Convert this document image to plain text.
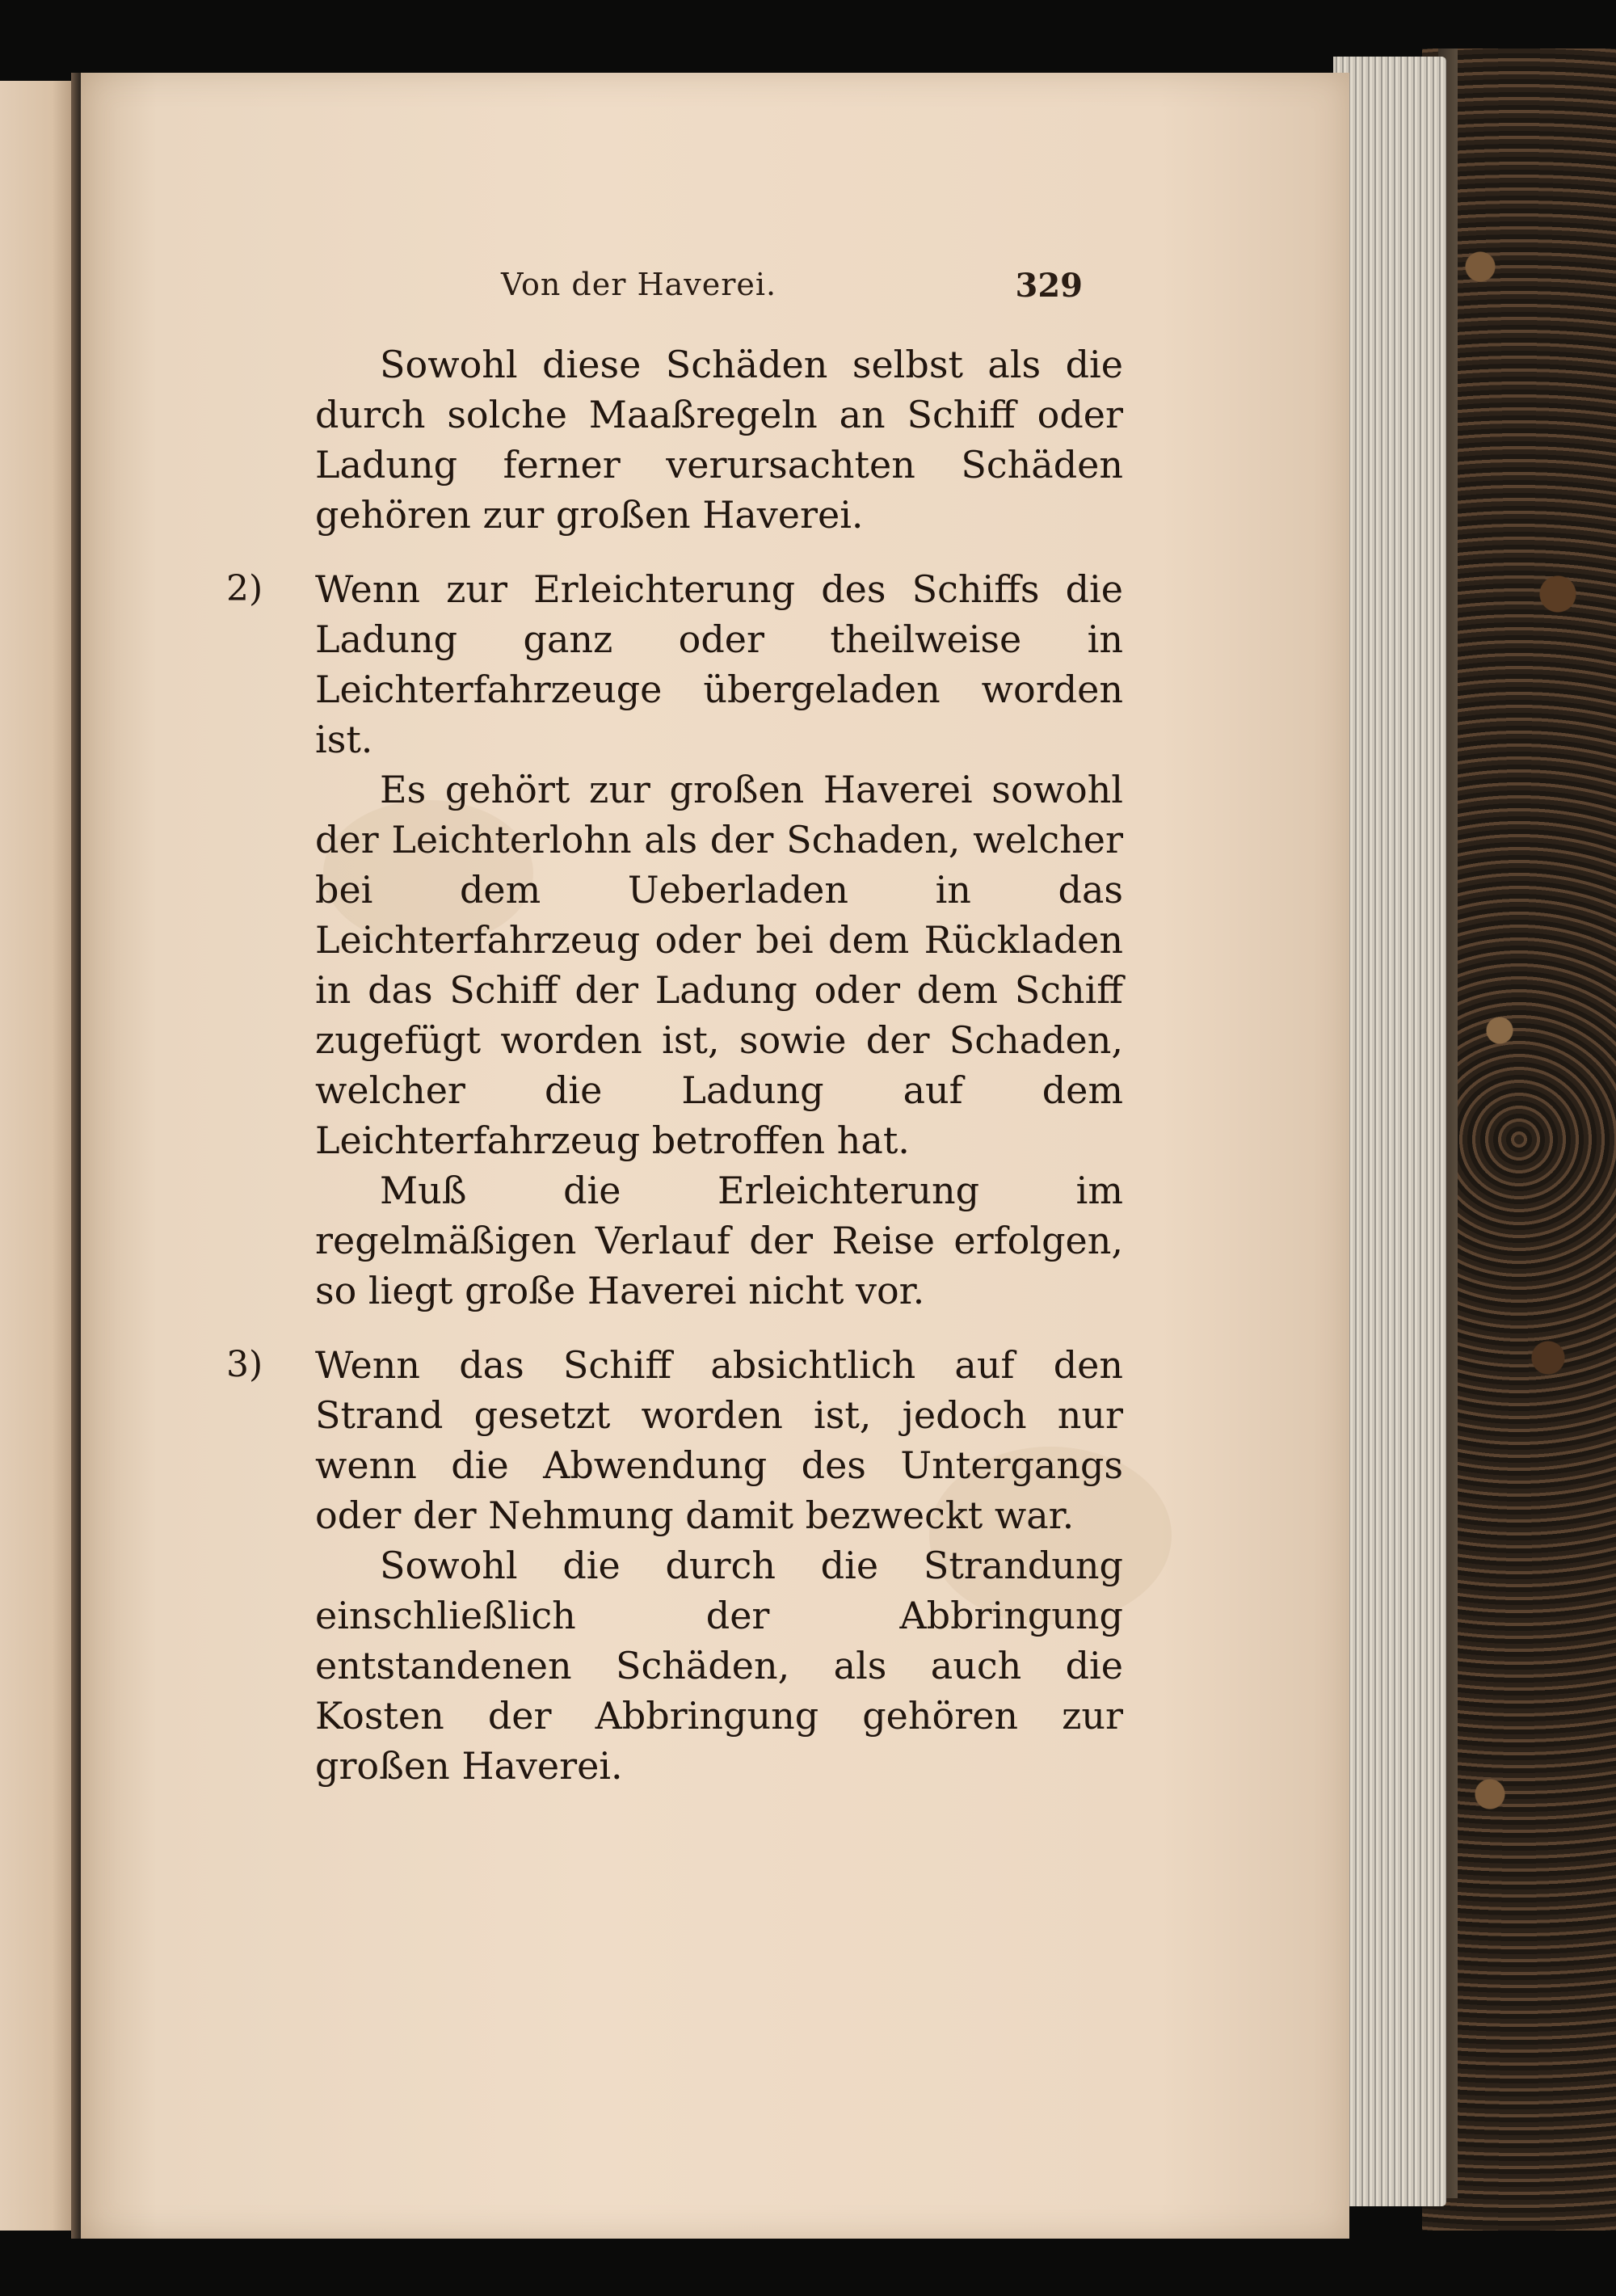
Von der Haverei.	329

Sowohl diese Schäden selbst als die durch solche Maaßregeln an Schiff oder Ladung ferner verursachten Schäden gehören zur großen Haverei.

2)	Wenn zur Erleichterung des Schiffs die Ladung ganz oder theilweise in Leichterfahrzeuge übergeladen worden ist.

Es gehört zur großen Haverei sowohl der Leichterlohn als der Schaden, welcher bei dem Ueberladen in das Leichterfahrzeug oder bei dem Rückladen in das Schiff der Ladung oder dem Schiff zugefügt worden ist, sowie der Schaden, welcher die Ladung auf dem Leichterfahrzeug betroffen hat.

Muß die Erleichterung im regelmäßigen Verlauf der Reise erfolgen, so liegt große Haverei nicht vor.

3)	Wenn das Schiff absichtlich auf den Strand gesetzt worden ist, jedoch nur wenn die Abwendung des Untergangs oder der Nehmung damit bezweckt war.

Sowohl die durch die Strandung einschließlich der Abbringung entstandenen Schäden, als auch die Kosten der Abbringung gehören zur großen Haverei.
